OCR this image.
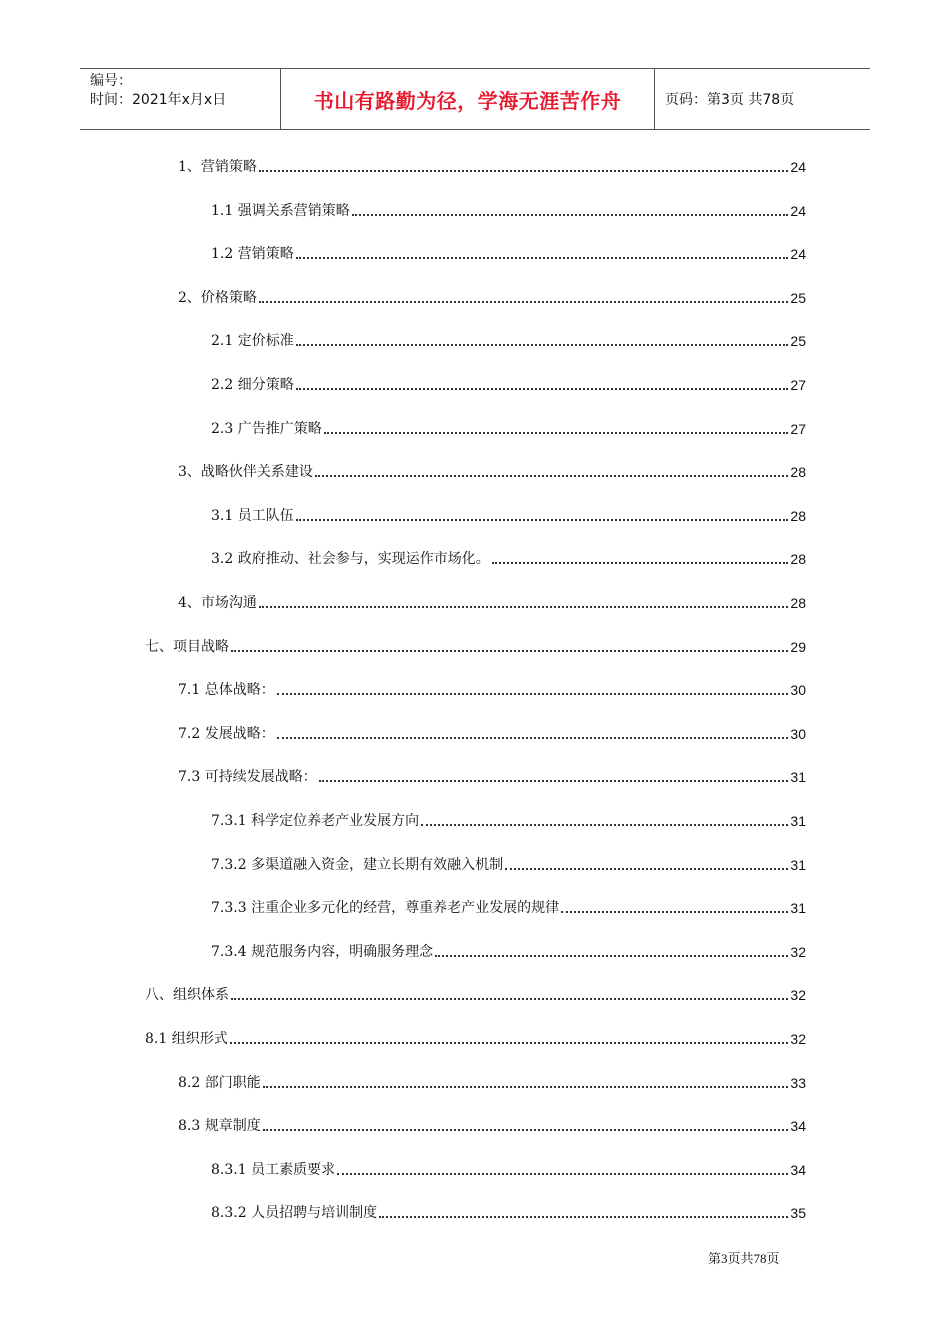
编号：
时间：2021年x月x日	书山有路勤为径，学海无涯苦作舟	页码：第3页 共78页
1、营销策略	24
1.1 强调关系营销策略	24
1.2 营销策略	24
2、价格策略	25
2.1 定价标准	25
2.2 细分策略	27
2.3 广告推广策略	27
3、战略伙伴关系建设	28
3.1 员工队伍	28
3.2 政府推动、社会参与，实现运作市场化。	28
4、市场沟通	28
七、项目战略	29
7.1 总体战略：	30
7.2 发展战略：	30
7.3 可持续发展战略：	31
7.3.1 科学定位养老产业发展方向	31
7.3.2 多渠道融入资金，建立长期有效融入机制	31
7.3.3 注重企业多元化的经营，尊重养老产业发展的规律	31
7.3.4 规范服务内容，明确服务理念	32
八、组织体系	32
8.1 组织形式	32
8.2 部门职能	33
8.3 规章制度	34
8.3.1 员工素质要求	34
8.3.2 人员招聘与培训制度	35
第3页共78页
